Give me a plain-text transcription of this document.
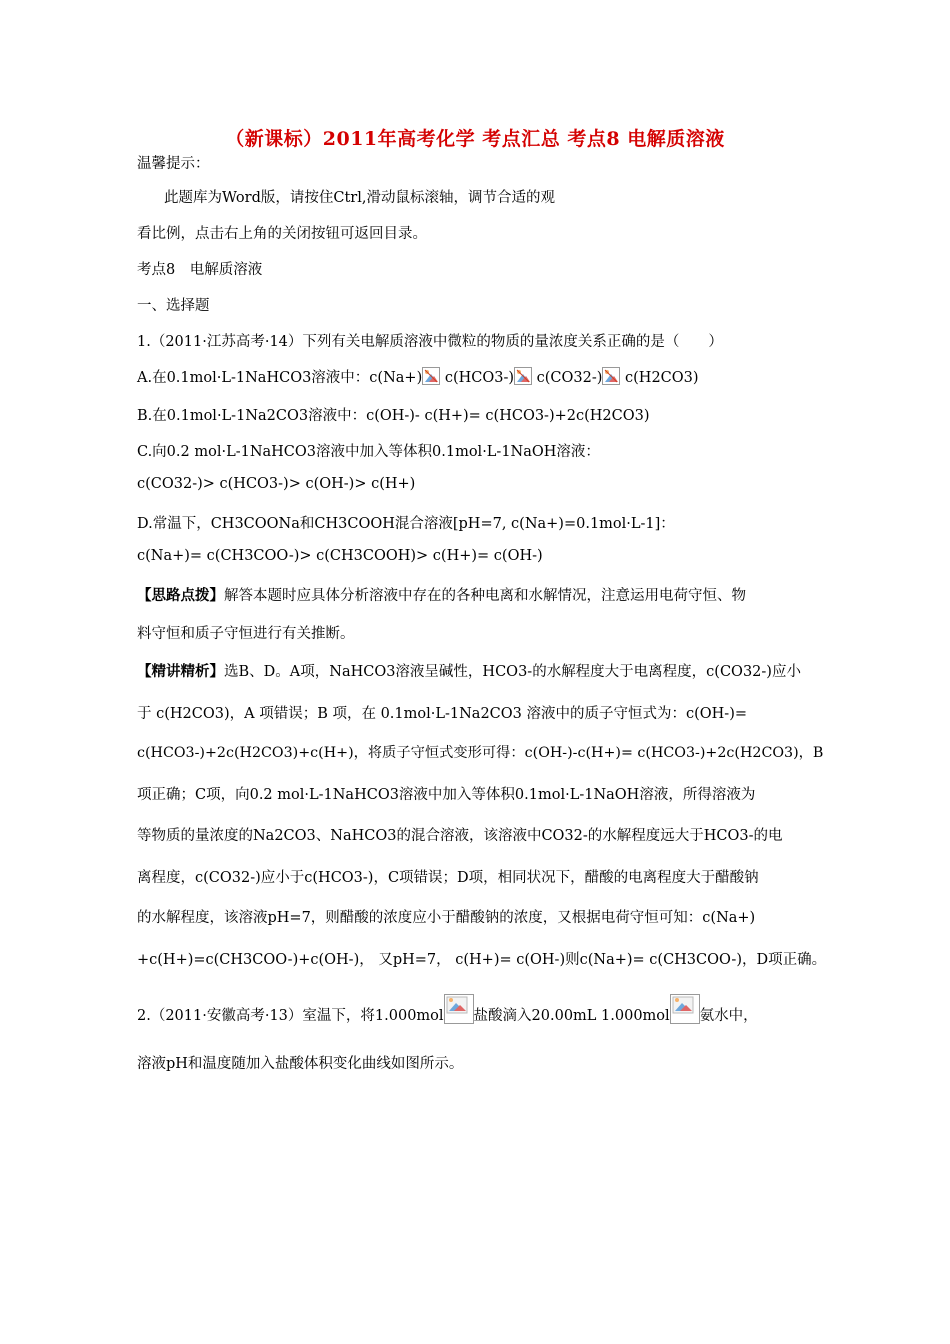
（新课标）2011年高考化学 考点汇总 考点8 电解质溶液
温馨提示：
此题库为Word版，请按住Ctrl,滑动鼠标滚轴，调节合适的观
看比例，点击右上角的关闭按钮可返回目录。
考点8　电解质溶液
一、选择题
1.（2011·江苏高考·14）下列有关电解质溶液中微粒的物质的量浓度关系正确的是（　　）
A.在0.1mol·L-1NaHCO3溶液中：c(Na+) c(HCO3-) c(CO32-) c(H2CO3)
B.在0.1mol·L-1Na2CO3溶液中：c(OH-)- c(H+)= c(HCO3-)+2c(H2CO3)
C.向0.2 mol·L-1NaHCO3溶液中加入等体积0.1mol·L-1NaOH溶液：
c(CO32-)> c(HCO3-)> c(OH-)> c(H+)
D.常温下，CH3COONa和CH3COOH混合溶液[pH=7, c(Na+)=0.1mol·L-1]：
c(Na+)= c(CH3COO-)> c(CH3COOH)> c(H+)= c(OH-)
【思路点拨】解答本题时应具体分析溶液中存在的各种电离和水解情况，注意运用电荷守恒、物
料守恒和质子守恒进行有关推断。
【精讲精析】选B、D。A项，NaHCO3溶液呈碱性，HCO3-的水解程度大于电离程度，c(CO32-)应小
于 c(H2CO3)，A 项错误；B 项，在 0.1mol·L-1Na2CO3 溶液中的质子守恒式为：c(OH-)=
c(HCO3-)+2c(H2CO3)+c(H+)，将质子守恒式变形可得：c(OH-)-c(H+)= c(HCO3-)+2c(H2CO3)，B
项正确；C项，向0.2 mol·L-1NaHCO3溶液中加入等体积0.1mol·L-1NaOH溶液，所得溶液为
等物质的量浓度的Na2CO3、NaHCO3的混合溶液，该溶液中CO32-的水解程度远大于HCO3-的电
离程度，c(CO32-)应小于c(HCO3-)，C项错误；D项，相同状况下，醋酸的电离程度大于醋酸钠
的水解程度，该溶液pH=7，则醋酸的浓度应小于醋酸钠的浓度，又根据电荷守恒可知：c(Na+)
+c(H+)=c(CH3COO-)+c(OH-)， 又pH=7， c(H+)= c(OH-)则c(Na+)= c(CH3COO-)，D项正确。
2.（2011·安徽高考·13）室温下，将1.000mol 盐酸滴入20.00mL 1.000mol 氨水中，
溶液pH和温度随加入盐酸体积变化曲线如图所示。
